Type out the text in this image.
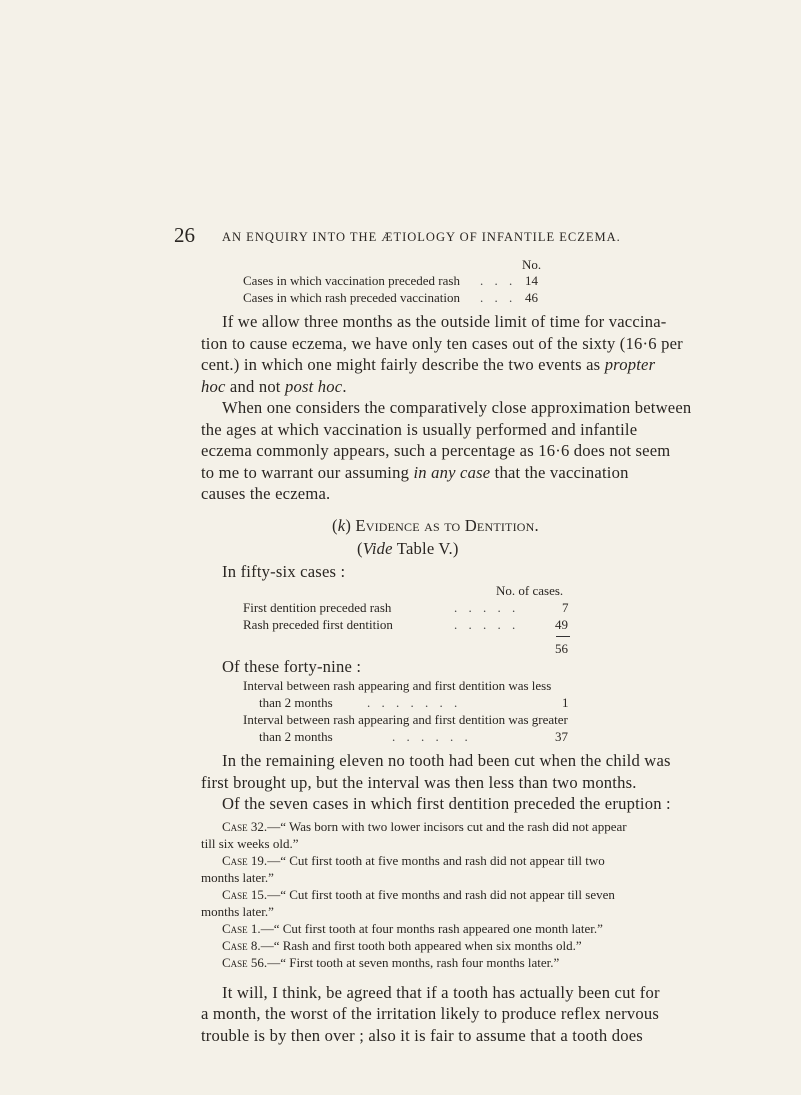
26 AN ENQUIRY INTO THE ÆTIOLOGY OF INFANTILE ECZEMA.
No.
Cases in which vaccination preceded rash . . . 14
Cases in which rash preceded vaccination . . . 46
If we allow three months as the outside limit of time for vaccina-
tion to cause eczema, we have only ten cases out of the sixty (16·6 per
cent.) in which one might fairly describe the two events as propter
hoc and not post hoc.
When one considers the comparatively close approximation between
the ages at which vaccination is usually performed and infantile
eczema commonly appears, such a percentage as 16·6 does not seem
to me to warrant our assuming in any case that the vaccination
causes the eczema.
(k) Evidence as to Dentition.
(Vide Table V.)
In fifty-six cases :
No. of cases.
First dentition preceded rash	. . . . .	7
Rash preceded first dentition	. . . . .	49
56
Of these forty-nine :
Interval between rash appearing and first dentition was less
than 2 months	. . . . . . .	1
Interval between rash appearing and first dentition was greater
than 2 months	. . . . . .	37
In the remaining eleven no tooth had been cut when the child was
first brought up, but the interval was then less than two months.
Of the seven cases in which first dentition preceded the eruption :
Case 32.—“ Was born with two lower incisors cut and the rash did not appear
till six weeks old.”
Case 19.—“ Cut first tooth at five months and rash did not appear till two
months later.”
Case 15.—“ Cut first tooth at five months and rash did not appear till seven
months later.”
Case 1.—“ Cut first tooth at four months rash appeared one month later.”
Case 8.—“ Rash and first tooth both appeared when six months old.”
Case 56.—“ First tooth at seven months, rash four months later.”
It will, I think, be agreed that if a tooth has actually been cut for
a month, the worst of the irritation likely to produce reflex nervous
trouble is by then over ; also it is fair to assume that a tooth does
